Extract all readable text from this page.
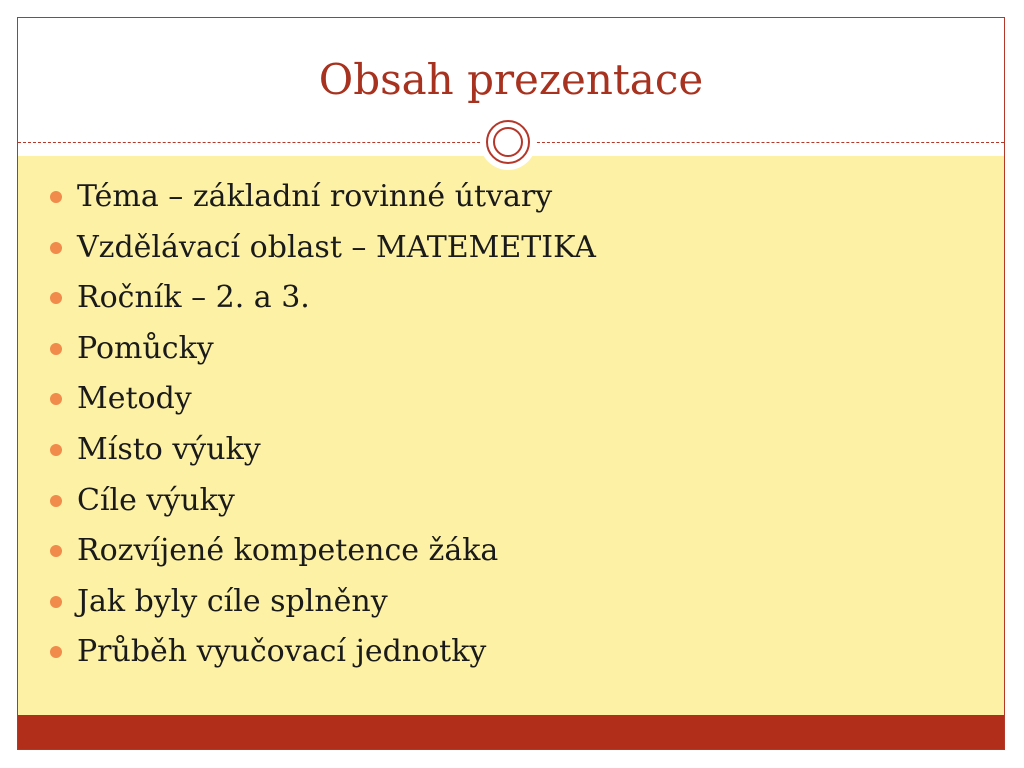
Obsah prezentace
Téma – základní rovinné útvary
Vzdělávací oblast – MATEMETIKA
Ročník – 2. a 3.
Pomůcky
Metody
Místo výuky
Cíle výuky
Rozvíjené kompetence žáka
Jak byly cíle splněny
Průběh vyučovací jednotky
